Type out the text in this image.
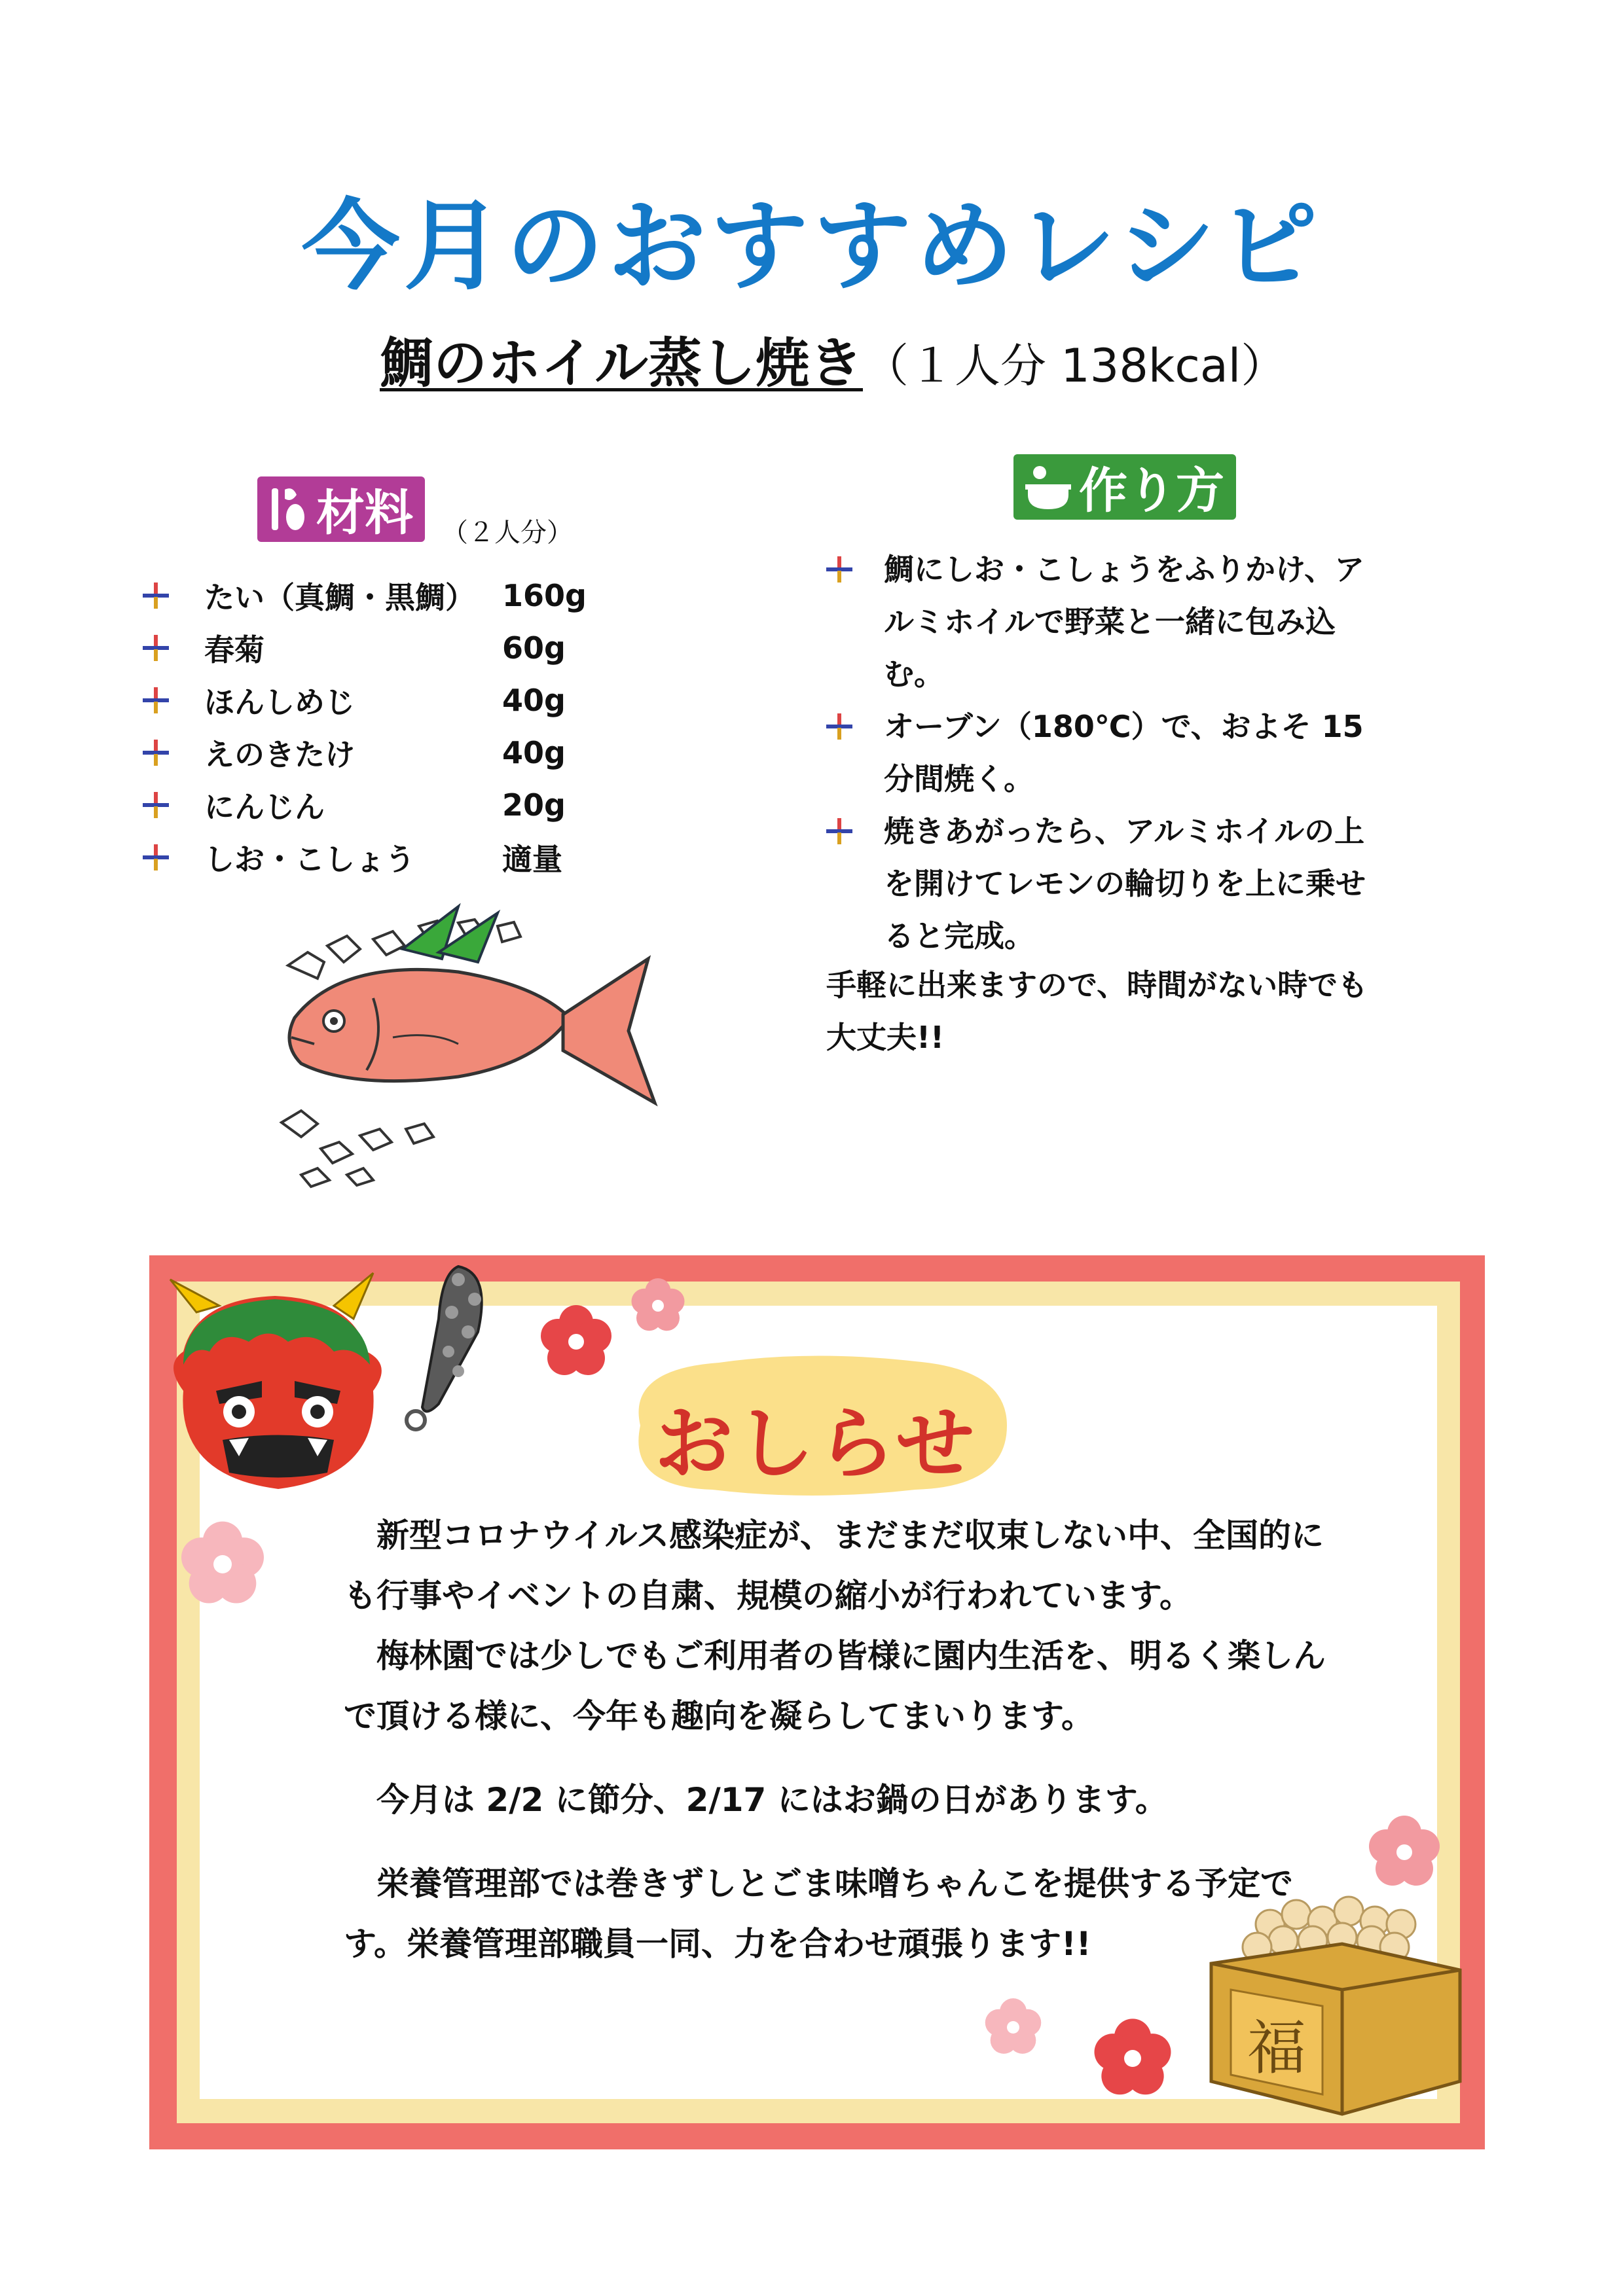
今月のおすすめレシピ
鯛のホイル蒸し焼き（１人分 138kcal）
材料 （２人分）
たい（真鯛・黒鯛） 160g
春菊	60g
ほんしめじ	40g
えのきたけ	40g
にんじん	20g
しお・こしょう	適量
作り方
鯛にしお・こしょうをふりかけ、アルミホイルで野菜と一緒に包み込む。
オーブン（180℃）で、およそ 15 分間焼く。
焼きあがったら、アルミホイルの上を開けてレモンの輪切りを上に乗せると完成。
手軽に出来ますので、時間がない時でも大丈夫!!
おしらせ

　新型コロナウイルス感染症が、まだまだ収束しない中、全国的にも行事やイベントの自粛、規模の縮小が行われています。

　梅林園では少しでもご利用者の皆様に園内生活を、明るく楽しんで頂ける様に、今年も趣向を凝らしてまいります。

　今月は 2/2 に節分、2/17 にはお鍋の日があります。

　栄養管理部では巻きずしとごま味噌ちゃんこを提供する予定です。栄養管理部職員一同、力を合わせ頑張ります!!

福
